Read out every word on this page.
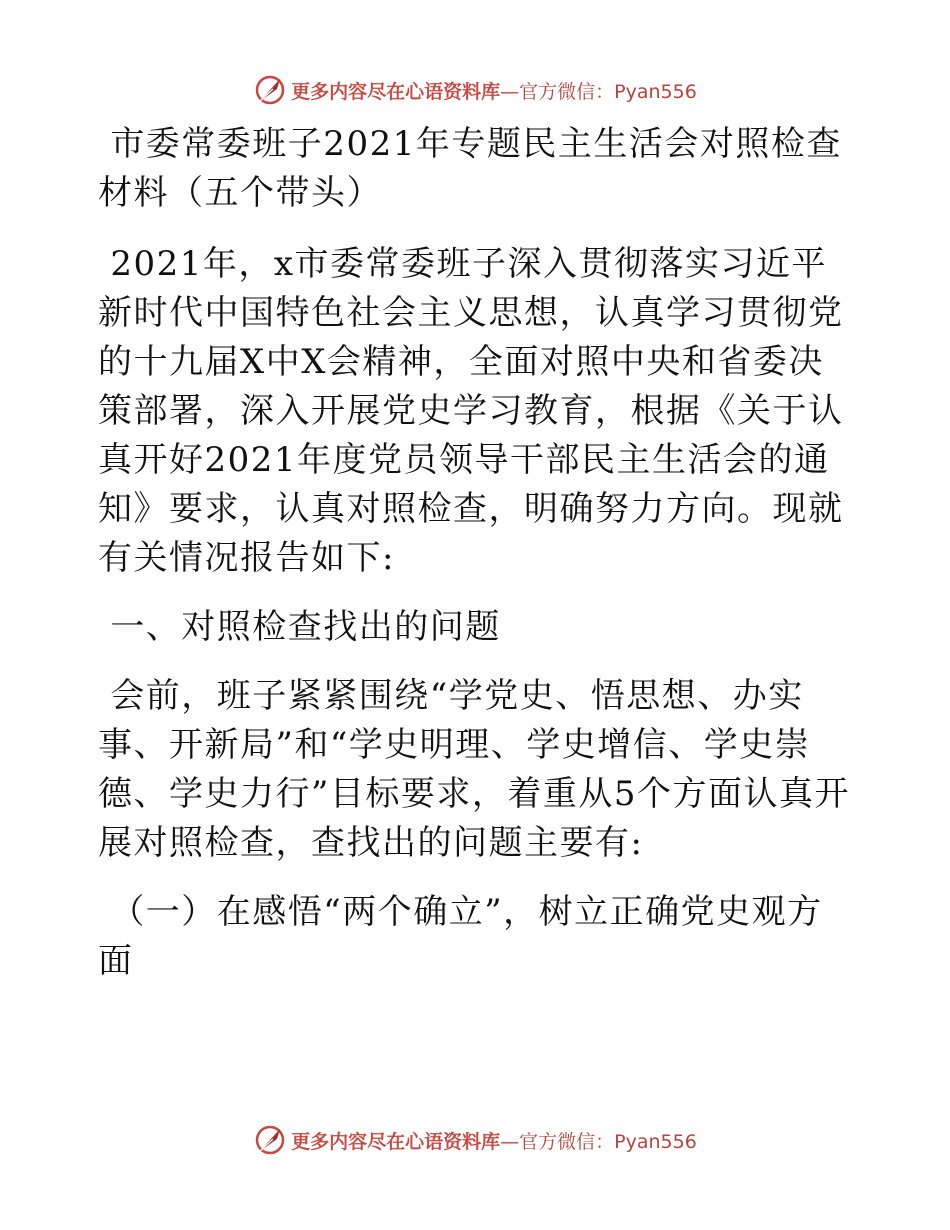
更多内容尽在心语资料库—官方微信：Pyan556

市委常委班子2021年专题民主生活会对照检查材料（五个带头）

2021年，x市委常委班子深入贯彻落实习近平新时代中国特色社会主义思想，认真学习贯彻党的十九届X中X会精神，全面对照中央和省委决策部署，深入开展党史学习教育，根据《关于认真开好2021年度党员领导干部民主生活会的通知》要求，认真对照检查，明确努力方向。现就有关情况报告如下:

一、对照检查找出的问题

会前，班子紧紧围绕“学党史、悟思想、办实事、开新局”和“学史明理、学史增信、学史崇德、学史力行”目标要求，着重从5个方面认真开展对照检查，查找出的问题主要有:

（一）在感悟“两个确立”，树立正确党史观方面

更多内容尽在心语资料库—官方微信：Pyan556
